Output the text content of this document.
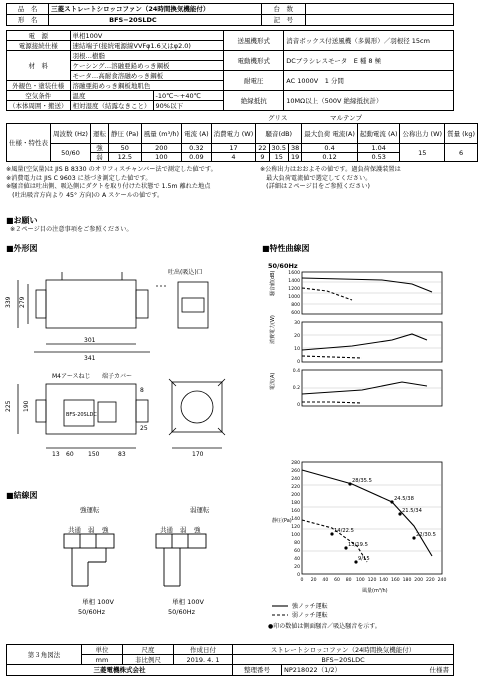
品　名	三菱ストレートシロッコファン（24時間換気機能付）	台　数	
形　名	BFS−20SLDC	記　号	
電　源	単相100V		送風機形式	消音ボックス付送風機（多翼形）／羽根径 15cm
電源接続仕様	速結端子(接続電源線VVFφ1.6又はφ2.0)			
材　料	羽根…樹脂		電動機形式	DCブラシレスモータ　E 種 8 極
	ケーシング…溶融亜鉛めっき鋼板			
	モータ…高耐食溶融めっき鋼板		耐電圧	AC 1000V　1 分間
外観色・塗装仕様	溶融亜鉛めっき鋼板地肌色			
空気条件	温度	-10℃〜+40℃	絶縁抵抗	10MΩ以上（500V 絶縁抵抗計）
（本体周囲・搬送）	相対湿度（結露なきこと）	90%以下		
グリス	マルテンプ
仕様・特性表	周波数 (Hz)	運転	静圧 (Pa)	風量 (m³/h)	電流 (A)	消費電力 (W)	騒音(dB)			最大負荷 電流(A)	起動電流 (A)	公称出力 (W)	質量 (kg)
	50/60	強	50	200	0.32	17	22	30.5	38	0.4	1.04	15	6
		弱	12.5	100	0.09	4	9	15	19	0.12	0.53		
※風量(空気量)は JIS B 8330 のオリフィスチャンバー法で測定した値です。
※消費電力は JIS C 9603 に基づき測定した値です。
※騒音値は吐出側、吸込側にダクトを取り付けた状態で 1.5m 離れた地点
　(吐出吸音方向より 45° 方向)の A スケールの値です。
※公称出力はおおよその値です。過負荷保護装置は
　最大負荷電流値で選定してください。
　(詳細は２ページ目をご参照ください)
■お願い
※２ページ目の注意事項をご参照ください。
■外形図	■特性曲線図
339 279
301
341
225 190
150
60
13	83	170
8
25
吐出(吸込)口
M4アースねじ 端子カバー
BFS-20SLDC
■結線図
強運転	弱運転
共通 弱 強	共通 弱 強
単相 100V
50/60Hz
単相 100V
50/60Hz
50/60Hz
28/35.5
24.5/38
21.5/34
22/30.5
14/22.5
13/19.5
9/15
騒音値(dB)
消費電力(W)
電流(A)
静圧(Pa)
風量(m³/h)
1600
1400
1200
1000
800
600
30
20
10
0
0.4
0.2
0
280
260
240
220
200
180
160
140
120
100
80
60
40
20
0
0 20 40 60 80 100 120 140 160 180 200 220 240
強ノッチ運転
弱ノッチ運転
●印の数値は側面騒音／吸込騒音を示す。
第３角図法	単位	尺度	作成日付	ストレートシロッコファン（24時間換気機能付）	
	mm	非比例尺	2019. 4. 1	BFS−20SLDC	
三菱電機株式会社				整理番号	NP218022（1/2） 仕様書
